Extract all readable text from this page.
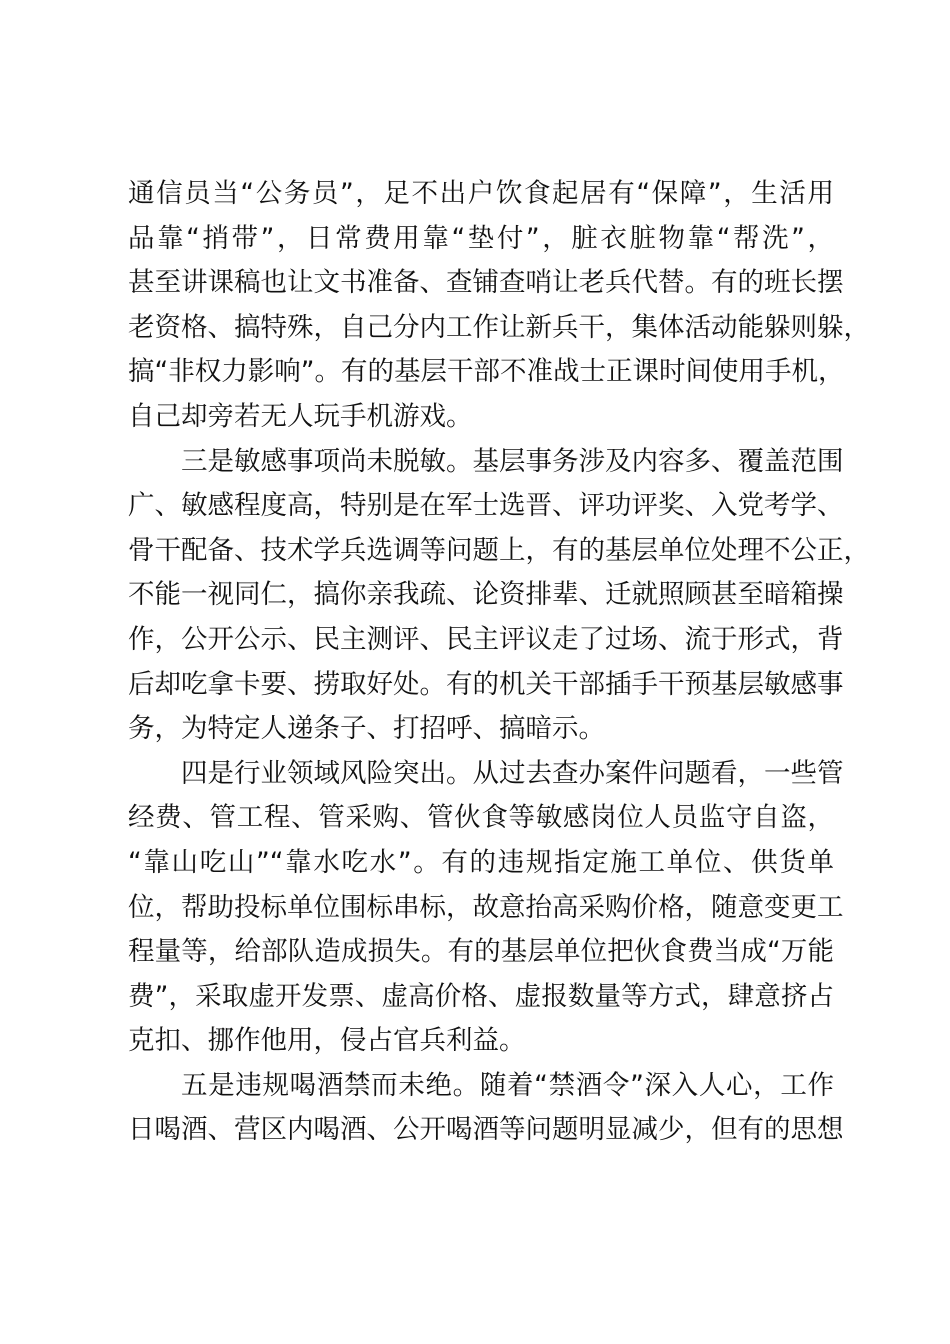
通信员当“公务员”，足不出户饮食起居有“保障”，生活用
品靠“捎带”，日常费用靠“垫付”，脏衣脏物靠“帮洗”，
甚至讲课稿也让文书准备、查铺查哨让老兵代替。有的班长摆
老资格、搞特殊，自己分内工作让新兵干，集体活动能躲则躲，
搞“非权力影响”。有的基层干部不准战士正课时间使用手机，
自己却旁若无人玩手机游戏。
三是敏感事项尚未脱敏。基层事务涉及内容多、覆盖范围
广、敏感程度高，特别是在军士选晋、评功评奖、入党考学、
骨干配备、技术学兵选调等问题上，有的基层单位处理不公正，
不能一视同仁，搞你亲我疏、论资排辈、迁就照顾甚至暗箱操
作，公开公示、民主测评、民主评议走了过场、流于形式，背
后却吃拿卡要、捞取好处。有的机关干部插手干预基层敏感事
务，为特定人递条子、打招呼、搞暗示。
四是行业领域风险突出。从过去查办案件问题看，一些管
经费、管工程、管采购、管伙食等敏感岗位人员监守自盗，
“靠山吃山”“靠水吃水”。有的违规指定施工单位、供货单
位，帮助投标单位围标串标，故意抬高采购价格，随意变更工
程量等，给部队造成损失。有的基层单位把伙食费当成“万能
费”，采取虚开发票、虚高价格、虚报数量等方式，肆意挤占
克扣、挪作他用，侵占官兵利益。
五是违规喝酒禁而未绝。随着“禁酒令”深入人心，工作
日喝酒、营区内喝酒、公开喝酒等问题明显减少，但有的思想
